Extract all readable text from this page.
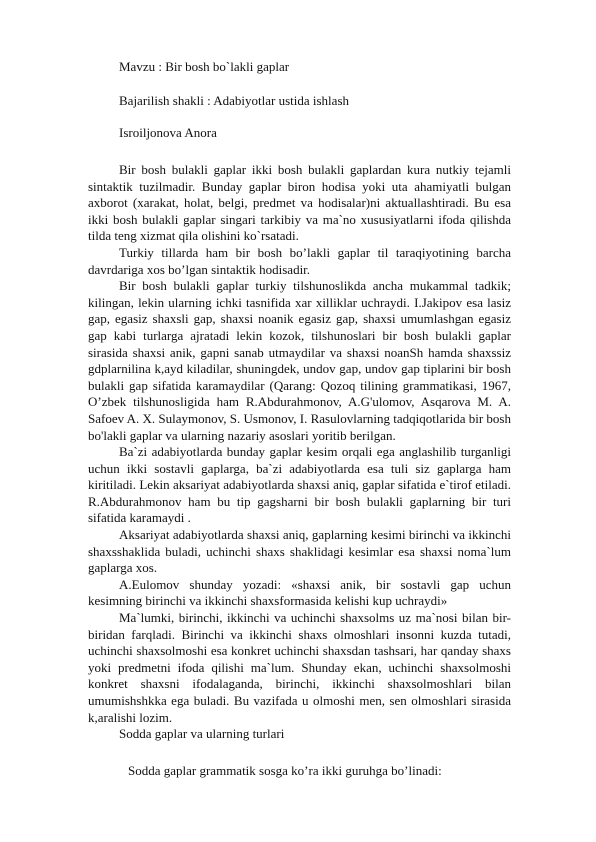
Mavzu : Bir bosh bo`lakli gaplar

Bajarilish shakli : Adabiyotlar ustida ishlash

Isroiljonova Anora

Bir bosh bulakli gaplar ikki bosh bulakli gaplardan kura nutkiy tejamli sintaktik tuzilmadir. Bunday gaplar biron hodisa yoki uta ahamiyatli bulgan axborot (xarakat, holat, belgi, predmet va hodisalar)ni aktuallashtiradi. Bu esa ikki bosh bulakli gaplar singari tarkibiy va ma`no xususiyatlarni ifoda qilishda tilda teng xizmat qila olishini ko`rsatadi.

Turkiy tillarda ham bir bosh bo’lakli gaplar til taraqiyotining barcha davrdariga xos bo’lgan sintaktik hodisadir.

Bir bosh bulakli gaplar turkiy tilshunoslikda ancha mukammal tadkik; kilingan, lekin ularning ichki tasnifida xar xilliklar uchraydi. I.Jakipov esa lasiz gap, egasiz shaxsli gap, shaxsi noanik egasiz gap, shaxsi umumlashgan egasiz gap kabi turlarga ajratadi lekin kozok, tilshunoslari bir bosh bulakli gaplar sirasida shaxsi anik, gapni sanab utmaydilar va shaxsi noanSh hamda shaxssiz gdplarnilina k,ayd kiladilar, shuningdek, undov gap, undov gap tiplarini bir bosh bulakli gap sifatida karamaydilar (Qarang: Qozoq tilining grammatikasi, 1967, O’zbek tilshunosligida ham R.Abdurahmonov, A.G'ulomov, Asqarova M. A. Safoev A. X. Sulaymonov, S. Usmonov, I. Rasulovlarning tadqiqotlarida bir bosh bo'lakli gaplar va ularning nazariy asoslari yoritib berilgan.

Ba`zi adabiyotlarda bunday gaplar kesim orqali ega anglashilib turganligi uchun ikki sostavli gaplarga, ba`zi adabiyotlarda esa tuli siz gaplarga ham kiritiladi. Lekin aksariyat adabiyotlarda shaxsi aniq, gaplar sifatida e`tirof etiladi. R.Abdurahmonov ham bu tip gagsharni bir bosh bulakli gaplarning bir turi sifatida karamaydi .

Aksariyat adabiyotlarda shaxsi aniq, gaplarning kesimi birinchi va ikkinchi shaxsshaklida buladi, uchinchi shaxs shaklidagi kesimlar esa shaxsi noma`lum gaplarga xos.

A.Eulomov shunday yozadi: «shaxsi anik, bir sostavli gap uchun kesimning birinchi va ikkinchi shaxsformasida kelishi kup uchraydi»

Ma`lumki, birinchi, ikkinchi va uchinchi shaxsolms uz ma`nosi bilan bir-biridan farqladi. Birinchi va ikkinchi shaxs olmoshlari insonni kuzda tutadi, uchinchi shaxsolmoshi esa konkret uchinchi shaxsdan tashsari, har qanday shaxs yoki predmetni ifoda qilishi ma`lum. Shunday ekan, uchinchi shaxsolmoshi konkret shaxsni ifodalaganda, birinchi, ikkinchi shaxsolmoshlari bilan umumishshkka ega buladi. Bu vazifada u olmoshi men, sen olmoshlari sirasida k,aralishi lozim.

Sodda gaplar va ularning turlari

Sodda gaplar grammatik sosga ko’ra ikki guruhga bo’linadi:
